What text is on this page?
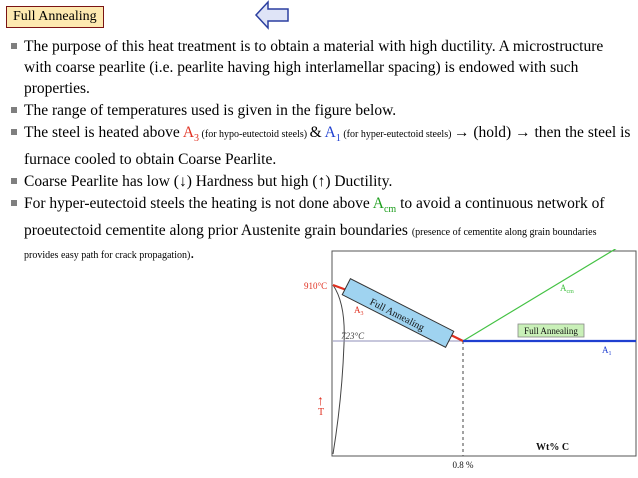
Full Annealing
The purpose of this heat treatment is to obtain a material with high ductility. A microstructure with coarse pearlite (i.e. pearlite having high interlamellar spacing) is endowed with such properties.
The range of temperatures used is given in the figure below.
The steel is heated above $A_3$ (for hypo-eutectoid steels) & $A_1$ (for hyper-eutectoid steels) → (hold) → then the steel is furnace cooled to obtain Coarse Pearlite.
Coarse Pearlite has low (↓) Hardness but high (↑) Ductility.
For hyper-eutectoid steels the heating is not done above $A_{cm}$ to avoid a continuous network of proeutectoid cementite along prior Austenite grain boundaries (presence of cementite along grain boundaries provides easy path for crack propagation).
Full Annealing	Full Annealing
910°C
723°C
$A_3$
$A_{cm}$
$A_1$
↑
T
Wt% C
0.8 %
